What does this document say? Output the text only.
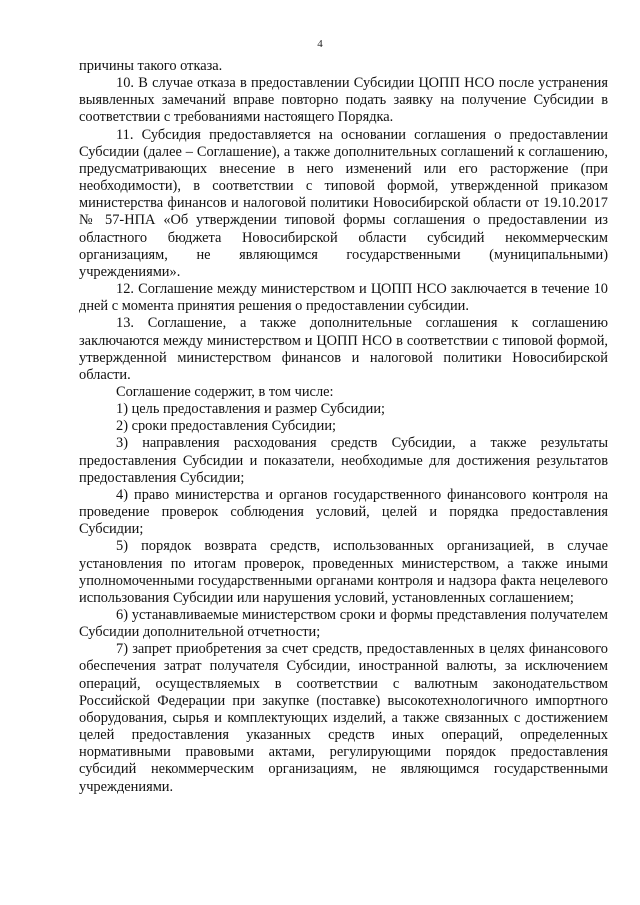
4

причины такого отказа.

10. В случае отказа в предоставлении Субсидии ЦОПП НСО после устранения выявленных замечаний вправе повторно подать заявку на получение Субсидии в соответствии с требованиями настоящего Порядка.

11. Субсидия предоставляется на основании соглашения о предоставлении Субсидии (далее – Соглашение), а также дополнительных соглашений к соглашению, предусматривающих внесение в него изменений или его расторжение (при необходимости), в соответствии с типовой формой, утвержденной приказом министерства финансов и налоговой политики Новосибирской области от 19.10.2017 № 57-НПА «Об утверждении типовой формы соглашения о предоставлении из областного бюджета Новосибирской области субсидий некоммерческим организациям, не являющимся государственными (муниципальными) учреждениями».

12. Соглашение между министерством и ЦОПП НСО заключается в течение 10 дней с момента принятия решения о предоставлении субсидии.

13. Соглашение, а также дополнительные соглашения к соглашению заключаются между министерством и ЦОПП НСО в соответствии с типовой формой, утвержденной министерством финансов и налоговой политики Новосибирской области.

Соглашение содержит, в том числе:

1) цель предоставления и размер Субсидии;

2) сроки предоставления Субсидии;

3) направления расходования средств Субсидии, а также результаты предоставления Субсидии и показатели, необходимые для достижения результатов предоставления Субсидии;

4) право министерства и органов государственного финансового контроля на проведение проверок соблюдения условий, целей и порядка предоставления Субсидии;

5) порядок возврата средств, использованных организацией, в случае установления по итогам проверок, проведенных министерством, а также иными уполномоченными государственными органами контроля и надзора факта нецелевого использования Субсидии или нарушения условий, установленных соглашением;

6) устанавливаемые министерством сроки и формы представления получателем Субсидии дополнительной отчетности;

7) запрет приобретения за счет средств, предоставленных в целях финансового обеспечения затрат получателя Субсидии, иностранной валюты, за исключением операций, осуществляемых в соответствии с валютным законодательством Российской Федерации при закупке (поставке) высокотехнологичного импортного оборудования, сырья и комплектующих изделий, а также связанных с достижением целей предоставления указанных средств иных операций, определенных нормативными правовыми актами, регулирующими порядок предоставления субсидий некоммерческим организациям, не являющимся государственными учреждениями.
